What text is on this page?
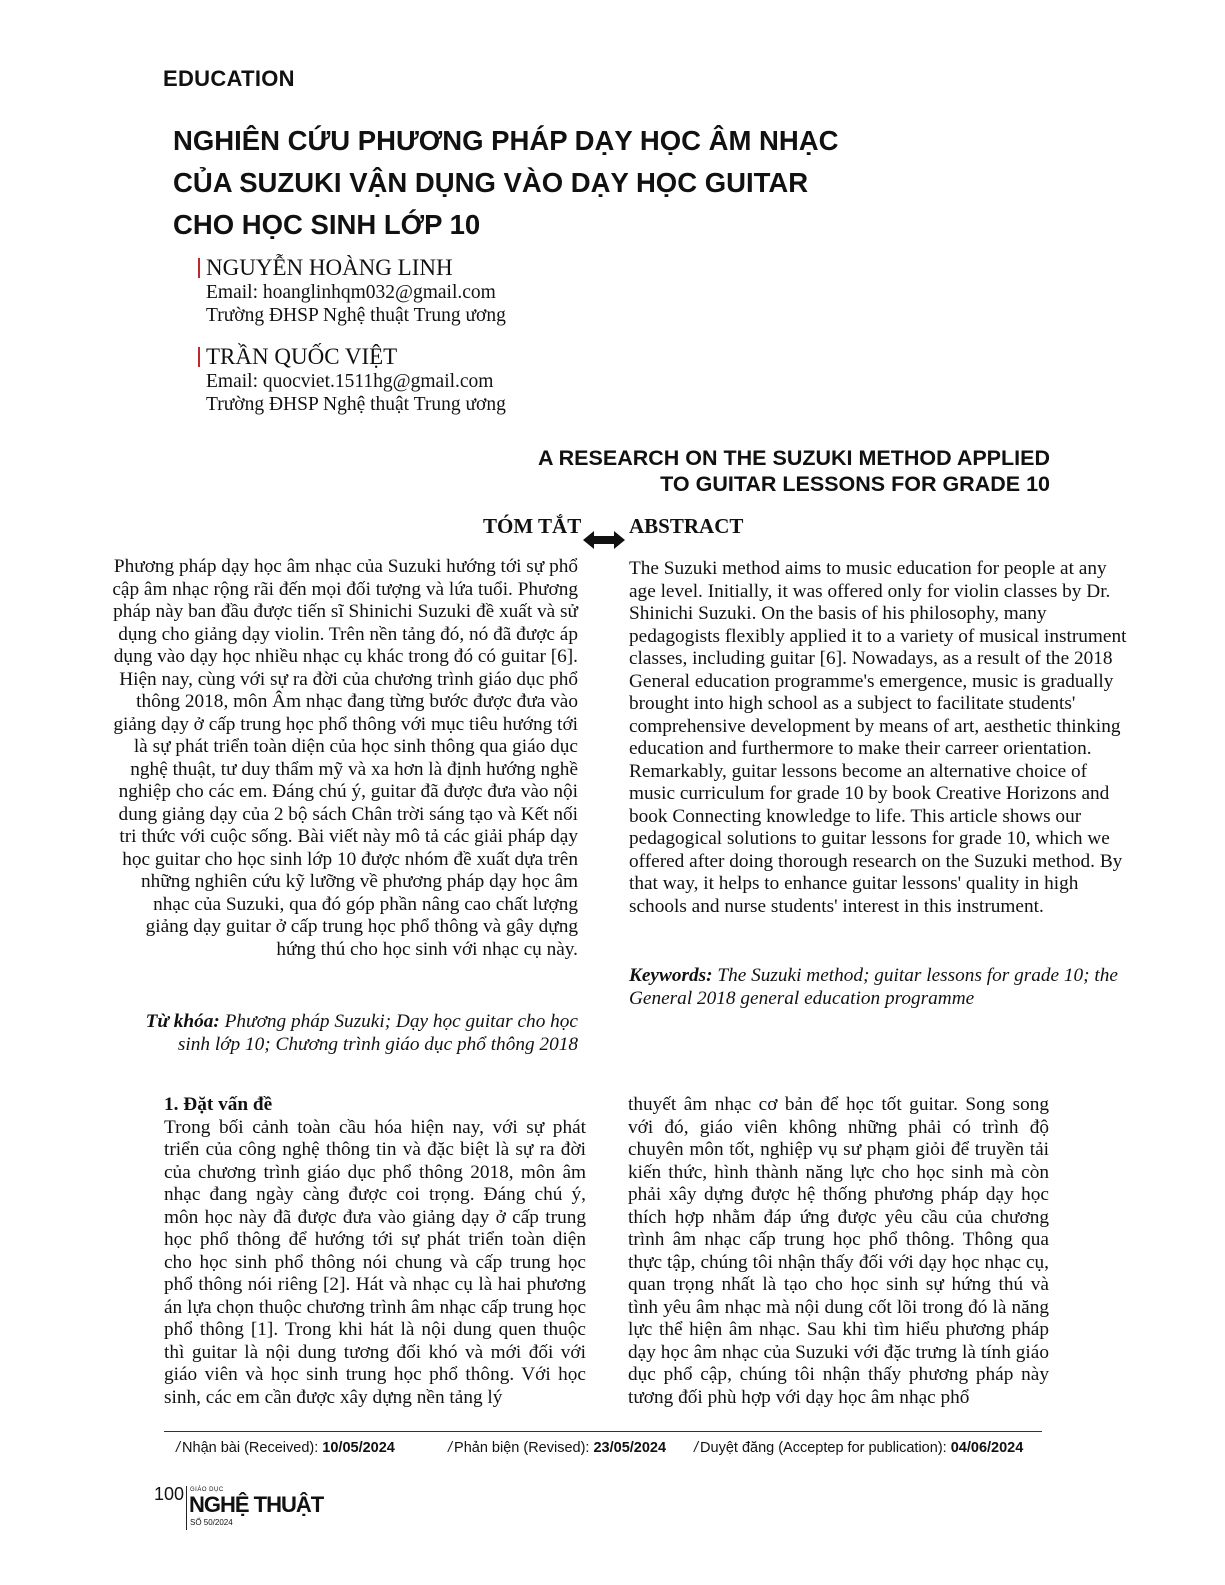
EDUCATION
NGHIÊN CỨU PHƯƠNG PHÁP DẠY HỌC ÂM NHẠC
CỦA SUZUKI VẬN DỤNG VÀO DẠY HỌC GUITAR
CHO HỌC SINH LỚP 10
NGUYỄN HOÀNG LINH
Email: hoanglinhqm032@gmail.com
Trường ĐHSP Nghệ thuật Trung ương
TRẦN QUỐC VIỆT
Email: quocviet.1511hg@gmail.com
Trường ĐHSP Nghệ thuật Trung ương
A RESEARCH ON THE SUZUKI METHOD APPLIED
TO GUITAR LESSONS FOR GRADE 10
TÓM TẮT ABSTRACT
Phương pháp dạy học âm nhạc của Suzuki hướng tới sự phổ cập âm nhạc rộng rãi đến mọi đối tượng và lứa tuổi. Phương pháp này ban đầu được tiến sĩ Shinichi Suzuki đề xuất và sử dụng cho giảng dạy violin. Trên nền tảng đó, nó đã được áp dụng vào dạy học nhiều nhạc cụ khác trong đó có guitar [6]. Hiện nay, cùng với sự ra đời của chương trình giáo dục phổ thông 2018, môn Âm nhạc đang từng bước được đưa vào giảng dạy ở cấp trung học phổ thông với mục tiêu hướng tới là sự phát triển toàn diện của học sinh thông qua giáo dục nghệ thuật, tư duy thẩm mỹ và xa hơn là định hướng nghề nghiệp cho các em. Đáng chú ý, guitar đã được đưa vào nội dung giảng dạy của 2 bộ sách Chân trời sáng tạo và Kết nối tri thức với cuộc sống. Bài viết này mô tả các giải pháp dạy học guitar cho học sinh lớp 10 được nhóm đề xuất dựa trên những nghiên cứu kỹ lưỡng về phương pháp dạy học âm nhạc của Suzuki, qua đó góp phần nâng cao chất lượng giảng dạy guitar ở cấp trung học phổ thông và gây dựng hứng thú cho học sinh với nhạc cụ này.
Từ khóa: Phương pháp Suzuki; Dạy học guitar cho học sinh lớp 10; Chương trình giáo dục phổ thông 2018
The Suzuki method aims to music education for people at any age level. Initially, it was offered only for violin classes by Dr. Shinichi Suzuki. On the basis of his philosophy, many pedagogists flexibly applied it to a variety of musical instrument classes, including guitar [6]. Nowadays, as a result of the 2018 General education programme's emergence, music is gradually brought into high school as a subject to facilitate students' comprehensive development by means of art, aesthetic thinking education and furthermore to make their carreer orientation. Remarkably, guitar lessons become an alternative choice of music curriculum for grade 10 by book Creative Horizons and book Connecting knowledge to life. This article shows our pedagogical solutions to guitar lessons for grade 10, which we offered after doing thorough research on the Suzuki method. By that way, it helps to enhance guitar lessons' quality in high schools and nurse students' interest in this instrument.
Keywords: The Suzuki method; guitar lessons for grade 10; the General 2018 general education programme
1. Đặt vấn đề
Trong bối cảnh toàn cầu hóa hiện nay, với sự phát triển của công nghệ thông tin và đặc biệt là sự ra đời của chương trình giáo dục phổ thông 2018, môn âm nhạc đang ngày càng được coi trọng. Đáng chú ý, môn học này đã được đưa vào giảng dạy ở cấp trung học phổ thông để hướng tới sự phát triển toàn diện cho học sinh phổ thông nói chung và cấp trung học phổ thông nói riêng [2]. Hát và nhạc cụ là hai phương án lựa chọn thuộc chương trình âm nhạc cấp trung học phổ thông [1]. Trong khi hát là nội dung quen thuộc thì guitar là nội dung tương đối khó và mới đối với giáo viên và học sinh trung học phổ thông. Với học sinh, các em cần được xây dựng nền tảng lý
thuyết âm nhạc cơ bản để học tốt guitar. Song song với đó, giáo viên không những phải có trình độ chuyên môn tốt, nghiệp vụ sư phạm giỏi để truyền tải kiến thức, hình thành năng lực cho học sinh mà còn phải xây dựng được hệ thống phương pháp dạy học thích hợp nhằm đáp ứng được yêu cầu của chương trình âm nhạc cấp trung học phổ thông. Thông qua thực tập, chúng tôi nhận thấy đối với dạy học nhạc cụ, quan trọng nhất là tạo cho học sinh sự hứng thú và tình yêu âm nhạc mà nội dung cốt lõi trong đó là năng lực thể hiện âm nhạc. Sau khi tìm hiểu phương pháp dạy học âm nhạc của Suzuki với đặc trưng là tính giáo dục phổ cập, chúng tôi nhận thấy phương pháp này tương đối phù hợp với dạy học âm nhạc phổ
/ Nhận bài (Received): 10/05/2024	/ Phản biện (Revised): 23/05/2024	/ Duyệt đăng (Acceptep for publication): 04/06/2024
100 GIÁO DỤC
NGHỆ THUẬT
SỐ 50/2024
